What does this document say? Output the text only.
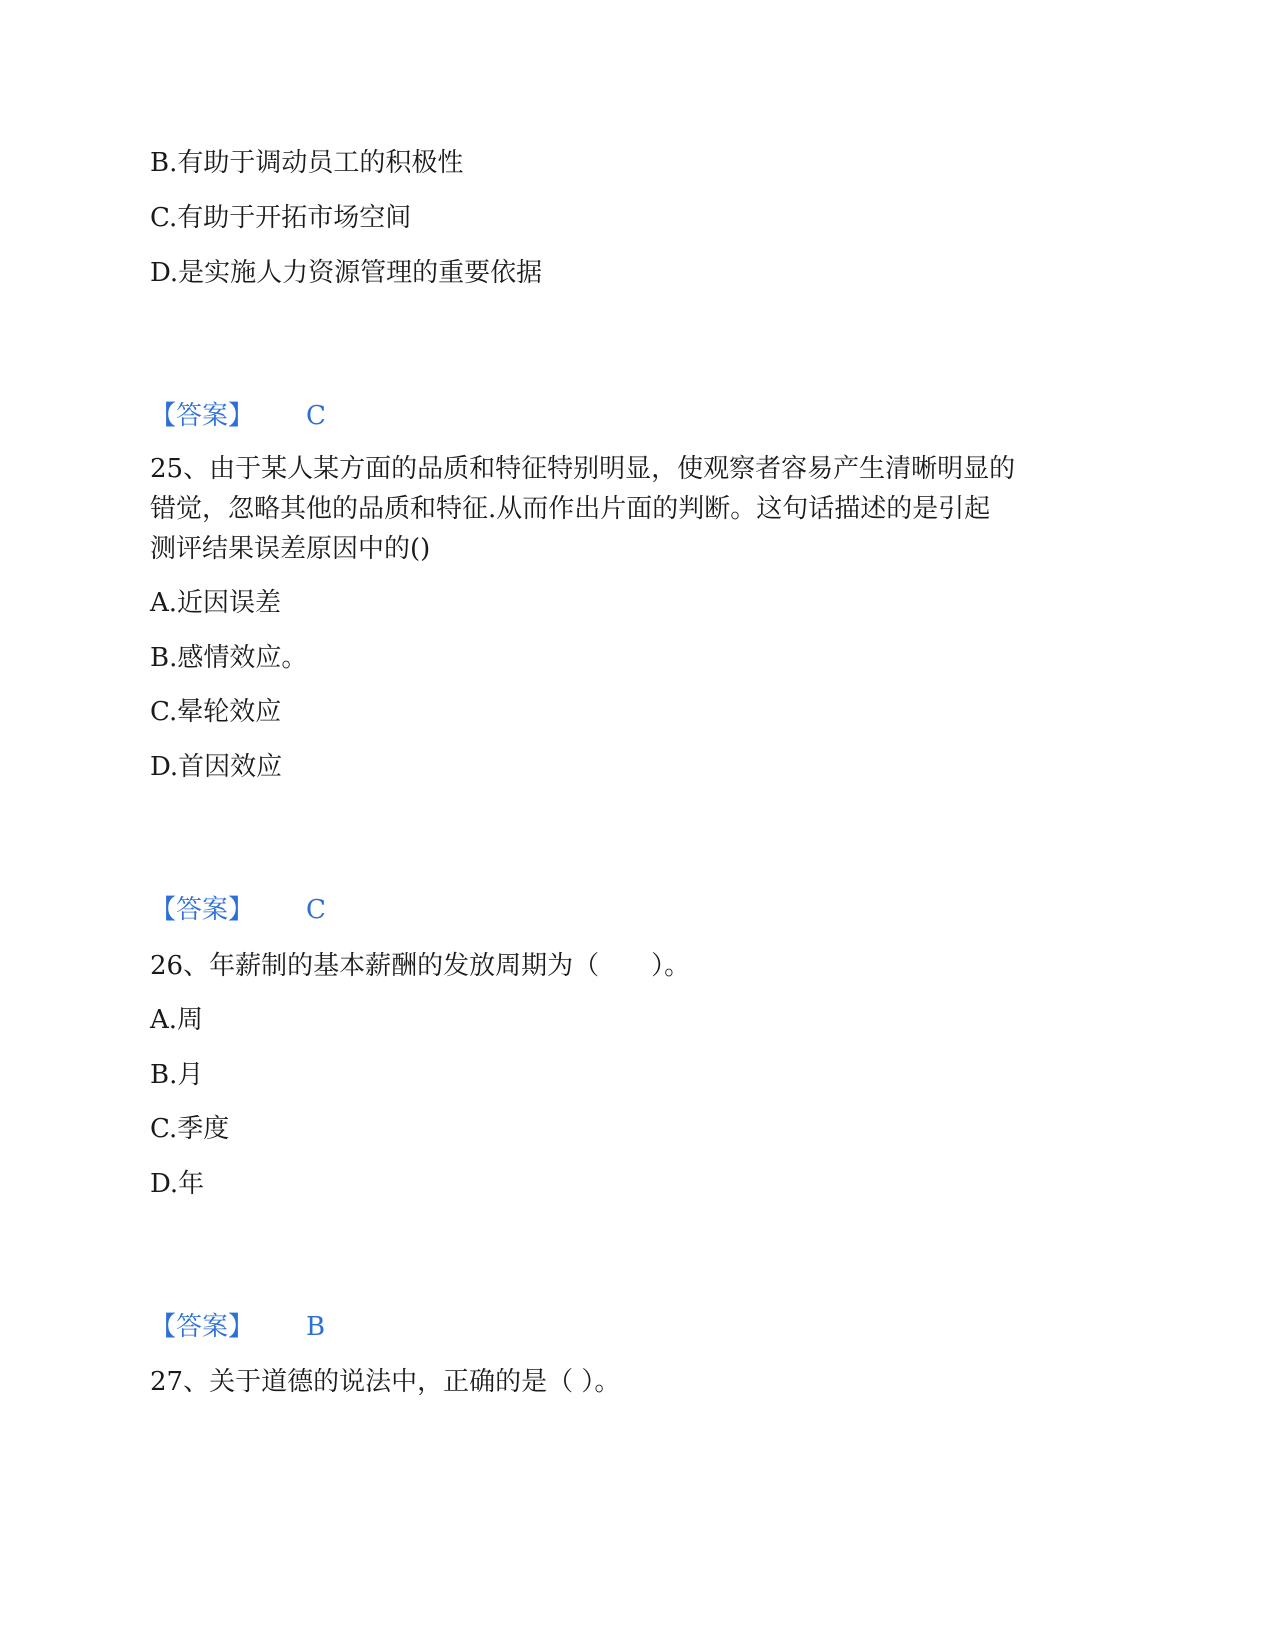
B.有助于调动员工的积极性
C.有助于开拓市场空间
D.是实施人力资源管理的重要依据
【答案】 C
25、由于某人某方面的品质和特征特别明显，使观察者容易产生清晰明显的
错觉，忽略其他的品质和特征.从而作出片面的判断。这句话描述的是引起
测评结果误差原因中的()
A.近因误差
B.感情效应。
C.晕轮效应
D.首因效应
【答案】 C
26、年薪制的基本薪酬的发放周期为（　　）。
A.周
B.月
C.季度
D.年
【答案】 B
27、关于道德的说法中，正确的是（ ）。
